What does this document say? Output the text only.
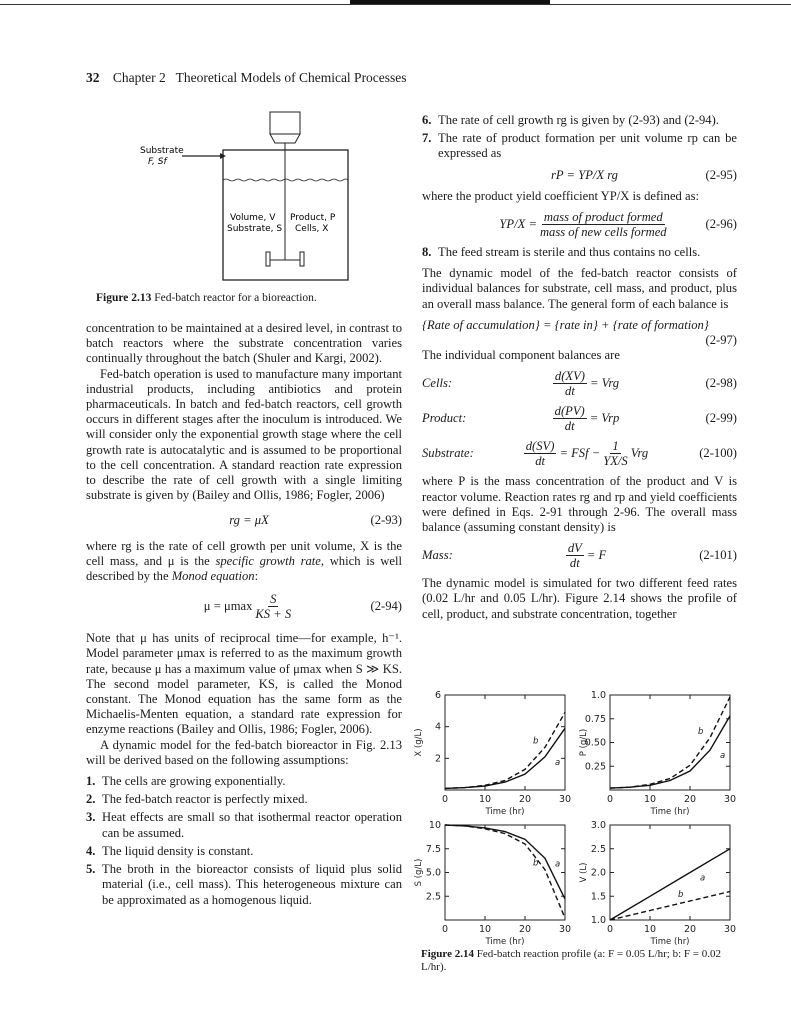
32 Chapter 2   Theoretical Models of Chemical Processes
Substrate
F, Sf
Volume, V
Substrate, S
Product, P
Cells, X
Figure 2.13 Fed-batch reactor for a bioreaction.

concentration to be maintained at a desired level, in contrast to batch reactors where the substrate concentration varies continually throughout the batch (Shuler and Kargi, 2002).

Fed-batch operation is used to manufacture many important industrial products, including antibiotics and protein pharmaceuticals. In batch and fed-batch reactors, cell growth occurs in different stages after the inoculum is introduced. We will consider only the exponential growth stage where the cell growth rate is autocatalytic and is assumed to be proportional to the cell concentration. A standard reaction rate expression to describe the rate of cell growth with a single limiting substrate is given by (Bailey and Ollis, 1986; Fogler, 2006)

rg = μX	(2-93)

where rg is the rate of cell growth per unit volume, X is the cell mass, and μ is the specific growth rate, which is well described by the Monod equation:

μ = μmax $\frac{S}{KS + S}$	(2-94)

Note that μ has units of reciprocal time—for example, h⁻¹. Model parameter μmax is referred to as the maximum growth rate, because μ has a maximum value of μmax when S ≫ KS. The second model parameter, KS, is called the Monod constant. The Monod equation has the same form as the Michaelis-Menten equation, a standard rate expression for enzyme reactions (Bailey and Ollis, 1986; Fogler, 2006).

A dynamic model for the fed-batch bioreactor in Fig. 2.13 will be derived based on the following assumptions:

1. The cells are growing exponentially.
2. The fed-batch reactor is perfectly mixed.
3. Heat effects are small so that isothermal reactor operation can be assumed.
4. The liquid density is constant.
5. The broth in the bioreactor consists of liquid plus solid material (i.e., cell mass). This heterogeneous mixture can be approximated as a homogenous liquid.
6. The rate of cell growth rg is given by (2-93) and (2-94).
7. The rate of product formation per unit volume rp can be expressed as
rP = YP/X rg	(2-95)

where the product yield coefficient YP/X is defined as:

$YP/X = \frac{\text{mass of product formed}}{\text{mass of new cells formed}}$	(2-96)
8. The feed stream is sterile and thus contains no cells.

The dynamic model of the fed-batch reactor consists of individual balances for substrate, cell mass, and product, plus an overall mass balance. The general form of each balance is

{Rate of accumulation} = {rate in} + {rate of formation}
(2-97)

The individual component balances are

Cells:	$\frac{d(XV)}{dt}$ = Vrg	(2-98)
Product:	$\frac{d(PV)}{dt}$ = Vrp	(2-99)
Substrate:	$\frac{d(SV)}{dt}$ = FSf − $\frac{1}{YX/S}$ Vrg	(2-100)

where P is the mass concentration of the product and V is reactor volume. Reaction rates rg and rp and yield coefficients were defined in Eqs. 2-91 through 2-96. The overall mass balance (assuming constant density) is

Mass:	$\frac{dV}{dt} = F$	(2-101)

The dynamic model is simulated for two different feed rates (0.02 L/hr and 0.05 L/hr). Figure 2.14 shows the profile of cell, product, and substrate concentration, together

0	10	20	30
2
4
6
Time (hr)
X (g/L)
a
b
0	10	20	30
0.25
0.50
0.75
1.0
Time (hr)
P (g/L)	a
b
0	10	20	30
2.5
5.0
7.5
10
Time (hr)
S (g/L)	a
b
0	10	20	30
1.0
1.5
2.0
2.5
3.0
Time (hr)
V (L)	a
b
Figure 2.14 Fed-batch reaction profile (a: F = 0.05 L/hr; b: F = 0.02 L/hr).
